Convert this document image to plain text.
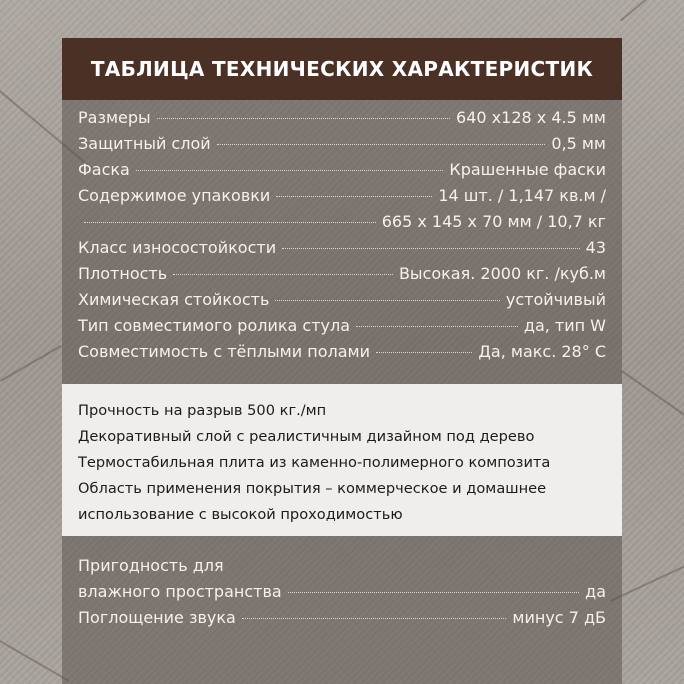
ТАБЛИЦА ТЕХНИЧЕСКИХ ХАРАКТЕРИСТИК
Размеры	640 x128 x 4.5 мм
Защитный слой	0,5 мм
Фаска	Крашенные фаски
Содержимое упаковки	14 шт. / 1,147 кв.м /
665 x 145 x 70 мм / 10,7 кг
Класс износостойкости	43
Плотность	Высокая. 2000 кг. /куб.м
Химическая стойкость	устойчивый
Тип совместимого ролика стула	да, тип W
Совместимость с тёплыми полами	Да, макс. 28° C
Прочность на разрыв 500 кг./мп
Декоративный слой с реалистичным дизайном под дерево
Термостабильная плита из каменно-полимерного композита
Область применения покрытия – коммерческое и домашнее
использование с высокой проходимостью
Пригодность для
влажного пространства	да
Поглощение звука	минус 7 дБ
